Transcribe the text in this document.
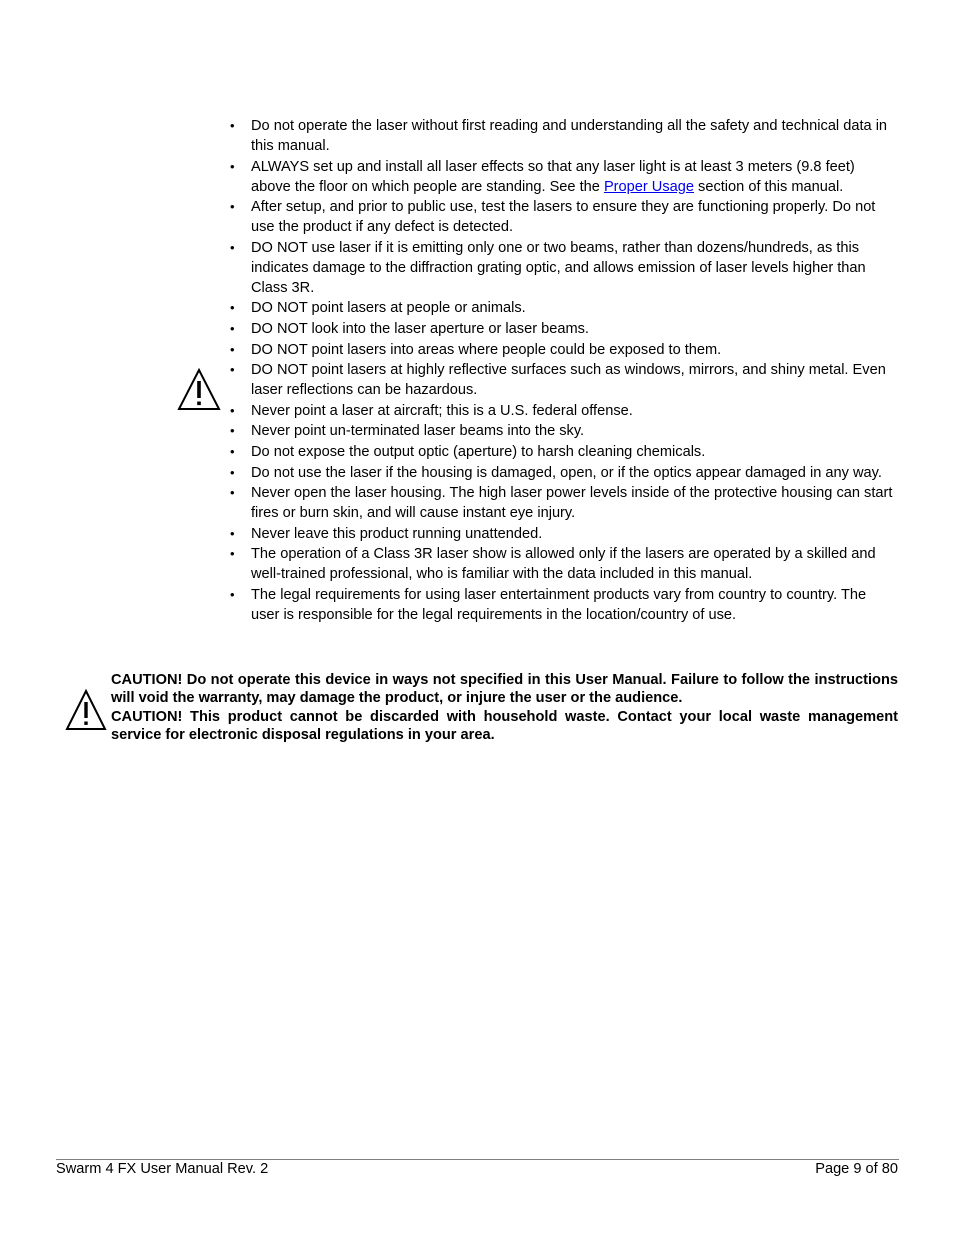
• Do not operate the laser without first reading and understanding all the safety and technical data in this manual.
• ALWAYS set up and install all laser effects so that any laser light is at least 3 meters (9.8 feet) above the floor on which people are standing. See the Proper Usage section of this manual.
• After setup, and prior to public use, test the lasers to ensure they are functioning properly. Do not use the product if any defect is detected.
• DO NOT use laser if it is emitting only one or two beams, rather than dozens/hundreds, as this indicates damage to the diffraction grating optic, and allows emission of laser levels higher than Class 3R.
• DO NOT point lasers at people or animals.
• DO NOT look into the laser aperture or laser beams.
• DO NOT point lasers into areas where people could be exposed to them.
• DO NOT point lasers at highly reflective surfaces such as windows, mirrors, and shiny metal. Even laser reflections can be hazardous.
• Never point a laser at aircraft; this is a U.S. federal offense.
• Never point un-terminated laser beams into the sky.
• Do not expose the output optic (aperture) to harsh cleaning chemicals.
• Do not use the laser if the housing is damaged, open, or if the optics appear damaged in any way.
• Never open the laser housing. The high laser power levels inside of the protective housing can start fires or burn skin, and will cause instant eye injury.
• Never leave this product running unattended.
• The operation of a Class 3R laser show is allowed only if the lasers are operated by a skilled and well-trained professional, who is familiar with the data included in this manual.
• The legal requirements for using laser entertainment products vary from country to country. The user is responsible for the legal requirements in the location/country of use.

CAUTION! Do not operate this device in ways not specified in this User Manual. Failure to follow the instructions will void the warranty, may damage the product, or injure the user or the audience.

CAUTION! This product cannot be discarded with household waste. Contact your local waste management service for electronic disposal regulations in your area.

Swarm 4 FX User Manual Rev. 2	Page 9 of 80
